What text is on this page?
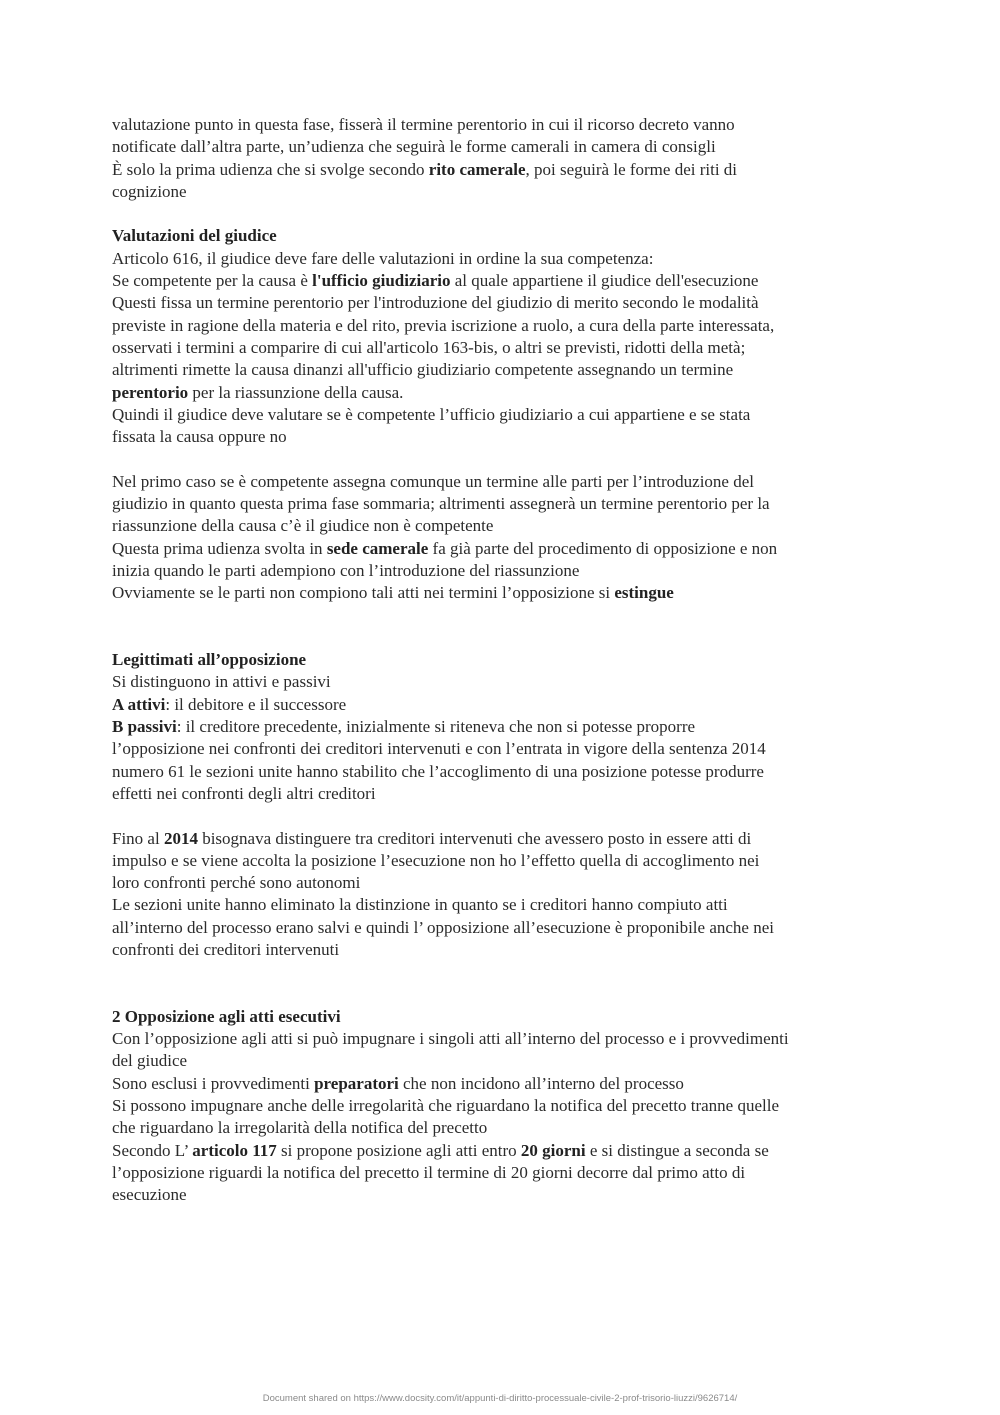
valutazione punto in questa fase, fisserà il termine perentorio in cui il ricorso decreto vanno
notificate dall’altra parte, un’udienza che seguirà le forme camerali in camera di consigli
È solo la prima udienza che si svolge secondo rito camerale, poi seguirà le forme dei riti di
cognizione
Valutazioni del giudice
Articolo 616, il giudice deve fare delle valutazioni in ordine la sua competenza:
Se competente per la causa è l'ufficio giudiziario al quale appartiene il giudice dell'esecuzione
Questi fissa un termine perentorio per l'introduzione del giudizio di merito secondo le modalità
previste in ragione della materia e del rito, previa iscrizione a ruolo, a cura della parte interessata,
osservati i termini a comparire di cui all'articolo 163-bis, o altri se previsti, ridotti della metà;
altrimenti rimette la causa dinanzi all'ufficio giudiziario competente assegnando un termine
perentorio per la riassunzione della causa.
Quindi il giudice deve valutare se è competente l’ufficio giudiziario a cui appartiene e se stata
fissata la causa oppure no
Nel primo caso se è competente assegna comunque un termine alle parti per l’introduzione del
giudizio in quanto questa prima fase sommaria; altrimenti assegnerà un termine perentorio per la
riassunzione della causa c’è il giudice non è competente
Questa prima udienza svolta in sede camerale fa già parte del procedimento di opposizione e non
inizia quando le parti adempiono con l’introduzione del riassunzione
Ovviamente se le parti non compiono tali atti nei termini l’opposizione si estingue
Legittimati all’opposizione
Si distinguono in attivi e passivi
A attivi: il debitore e il successore
B passivi: il creditore precedente, inizialmente si riteneva che non si potesse proporre
l’opposizione nei confronti dei creditori intervenuti e con l’entrata in vigore della sentenza 2014
numero 61 le sezioni unite hanno stabilito che l’accoglimento di una posizione potesse produrre
effetti nei confronti degli altri creditori
Fino al 2014 bisognava distinguere tra creditori intervenuti che avessero posto in essere atti di
impulso e se viene accolta la posizione l’esecuzione non ho l’effetto quella di accoglimento nei
loro confronti perché sono autonomi
Le sezioni unite hanno eliminato la distinzione in quanto se i creditori hanno compiuto atti
all’interno del processo erano salvi e quindi l’ opposizione all’esecuzione è proponibile anche nei
confronti dei creditori intervenuti
2 Opposizione agli atti esecutivi
Con l’opposizione agli atti si può impugnare i singoli atti all’interno del processo e i provvedimenti
del giudice
Sono esclusi i provvedimenti preparatori che non incidono all’interno del processo
Si possono impugnare anche delle irregolarità che riguardano la notifica del precetto tranne quelle
che riguardano la irregolarità della notifica del precetto
Secondo L’ articolo 117 si propone posizione agli atti entro 20 giorni e si distingue a seconda se
l’opposizione riguardi la notifica del precetto il termine di 20 giorni decorre dal primo atto di
esecuzione
Document shared on https://www.docsity.com/it/appunti-di-diritto-processuale-civile-2-prof-trisorio-liuzzi/9626714/
